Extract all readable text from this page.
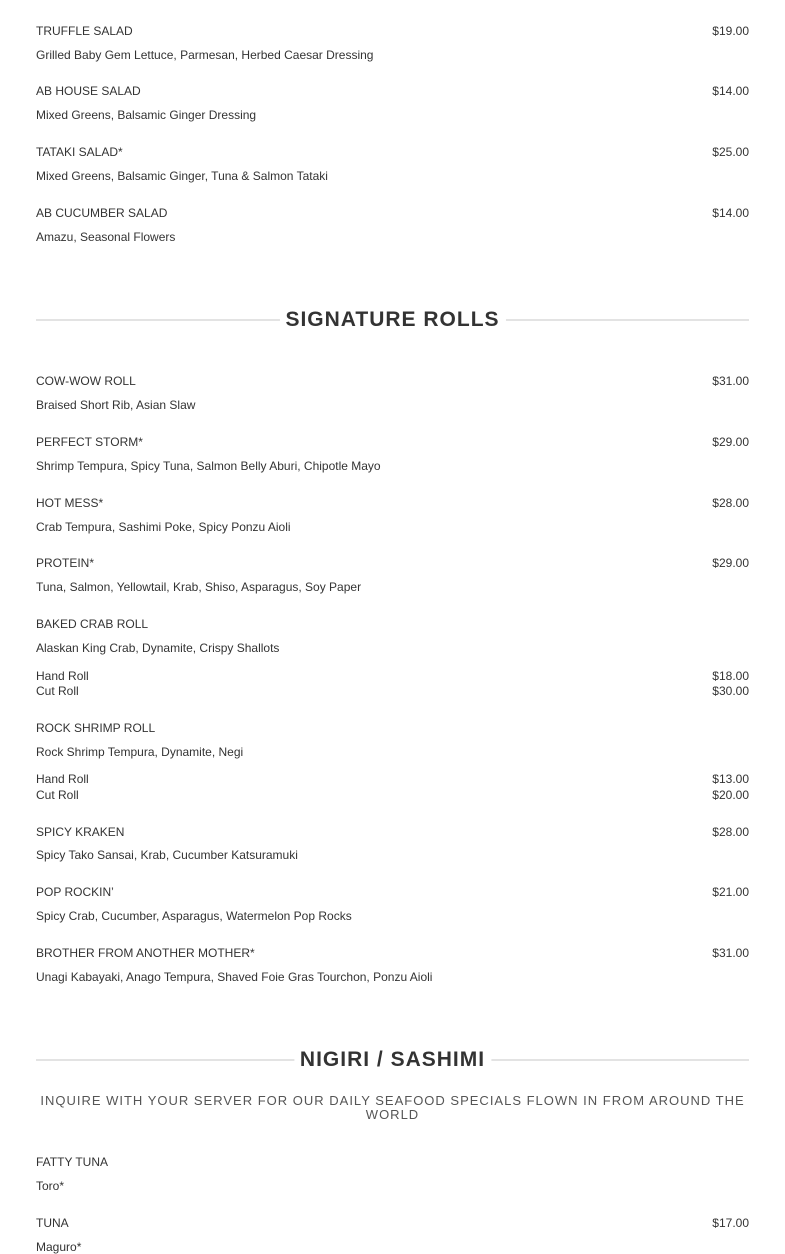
TRUFFLE SALAD	$19.00
Grilled Baby Gem Lettuce, Parmesan, Herbed Caesar Dressing
AB HOUSE SALAD	$14.00
Mixed Greens, Balsamic Ginger Dressing
TATAKI SALAD*	$25.00
Mixed Greens, Balsamic Ginger, Tuna & Salmon Tataki
AB CUCUMBER SALAD	$14.00
Amazu, Seasonal Flowers
SIGNATURE ROLLS
COW-WOW ROLL	$31.00
Braised Short Rib, Asian Slaw
PERFECT STORM*	$29.00
Shrimp Tempura, Spicy Tuna, Salmon Belly Aburi, Chipotle Mayo
HOT MESS*	$28.00
Crab Tempura, Sashimi Poke, Spicy Ponzu Aioli
PROTEIN*	$29.00
Tuna, Salmon, Yellowtail, Krab, Shiso, Asparagus, Soy Paper
BAKED CRAB ROLL
Alaskan King Crab, Dynamite, Crispy Shallots
Hand Roll	$18.00
Cut Roll	$30.00
ROCK SHRIMP ROLL
Rock Shrimp Tempura, Dynamite, Negi
Hand Roll	$13.00
Cut Roll	$20.00
SPICY KRAKEN	$28.00
Spicy Tako Sansai, Krab, Cucumber Katsuramuki
POP ROCKIN’	$21.00
Spicy Crab, Cucumber, Asparagus, Watermelon Pop Rocks
BROTHER FROM ANOTHER MOTHER*	$31.00
Unagi Kabayaki, Anago Tempura, Shaved Foie Gras Tourchon, Ponzu Aioli
NIGIRI / SASHIMI
INQUIRE WITH YOUR SERVER FOR OUR DAILY SEAFOOD SPECIALS FLOWN IN FROM AROUND THE WORLD
FATTY TUNA
Toro*
TUNA	$17.00
Maguro*
